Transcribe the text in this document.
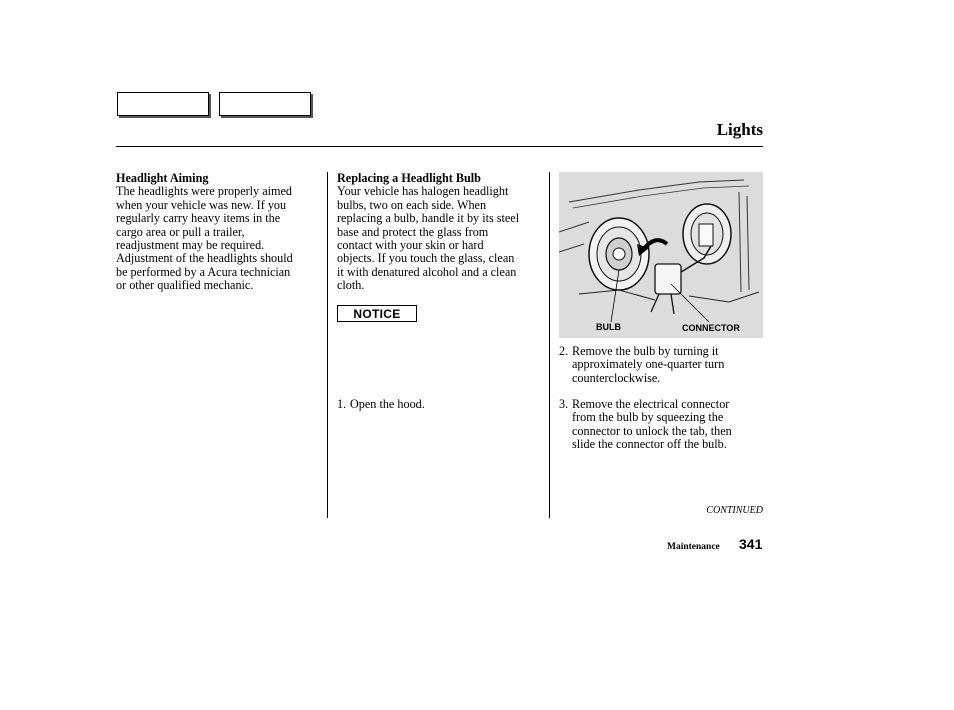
Lights
Headlight Aiming
The headlights were properly aimed
when your vehicle was new. If you
regularly carry heavy items in the
cargo area or pull a trailer,
readjustment may be required.
Adjustment of the headlights should
be performed by a Acura technician
or other qualified mechanic.
Replacing a Headlight Bulb
Your vehicle has halogen headlight
bulbs, two on each side. When
replacing a bulb, handle it by its steel
base and protect the glass from
contact with your skin or hard
objects. If you touch the glass, clean
it with denatured alcohol and a clean
cloth.
NOTICE
1. Open the hood.
BULB	CONNECTOR
2. Remove the bulb by turning it
approximately one-quarter turn
counterclockwise.
3. Remove the electrical connector
from the bulb by squeezing the
connector to unlock the tab, then
slide the connector off the bulb.
CONTINUED
Maintenance 341
